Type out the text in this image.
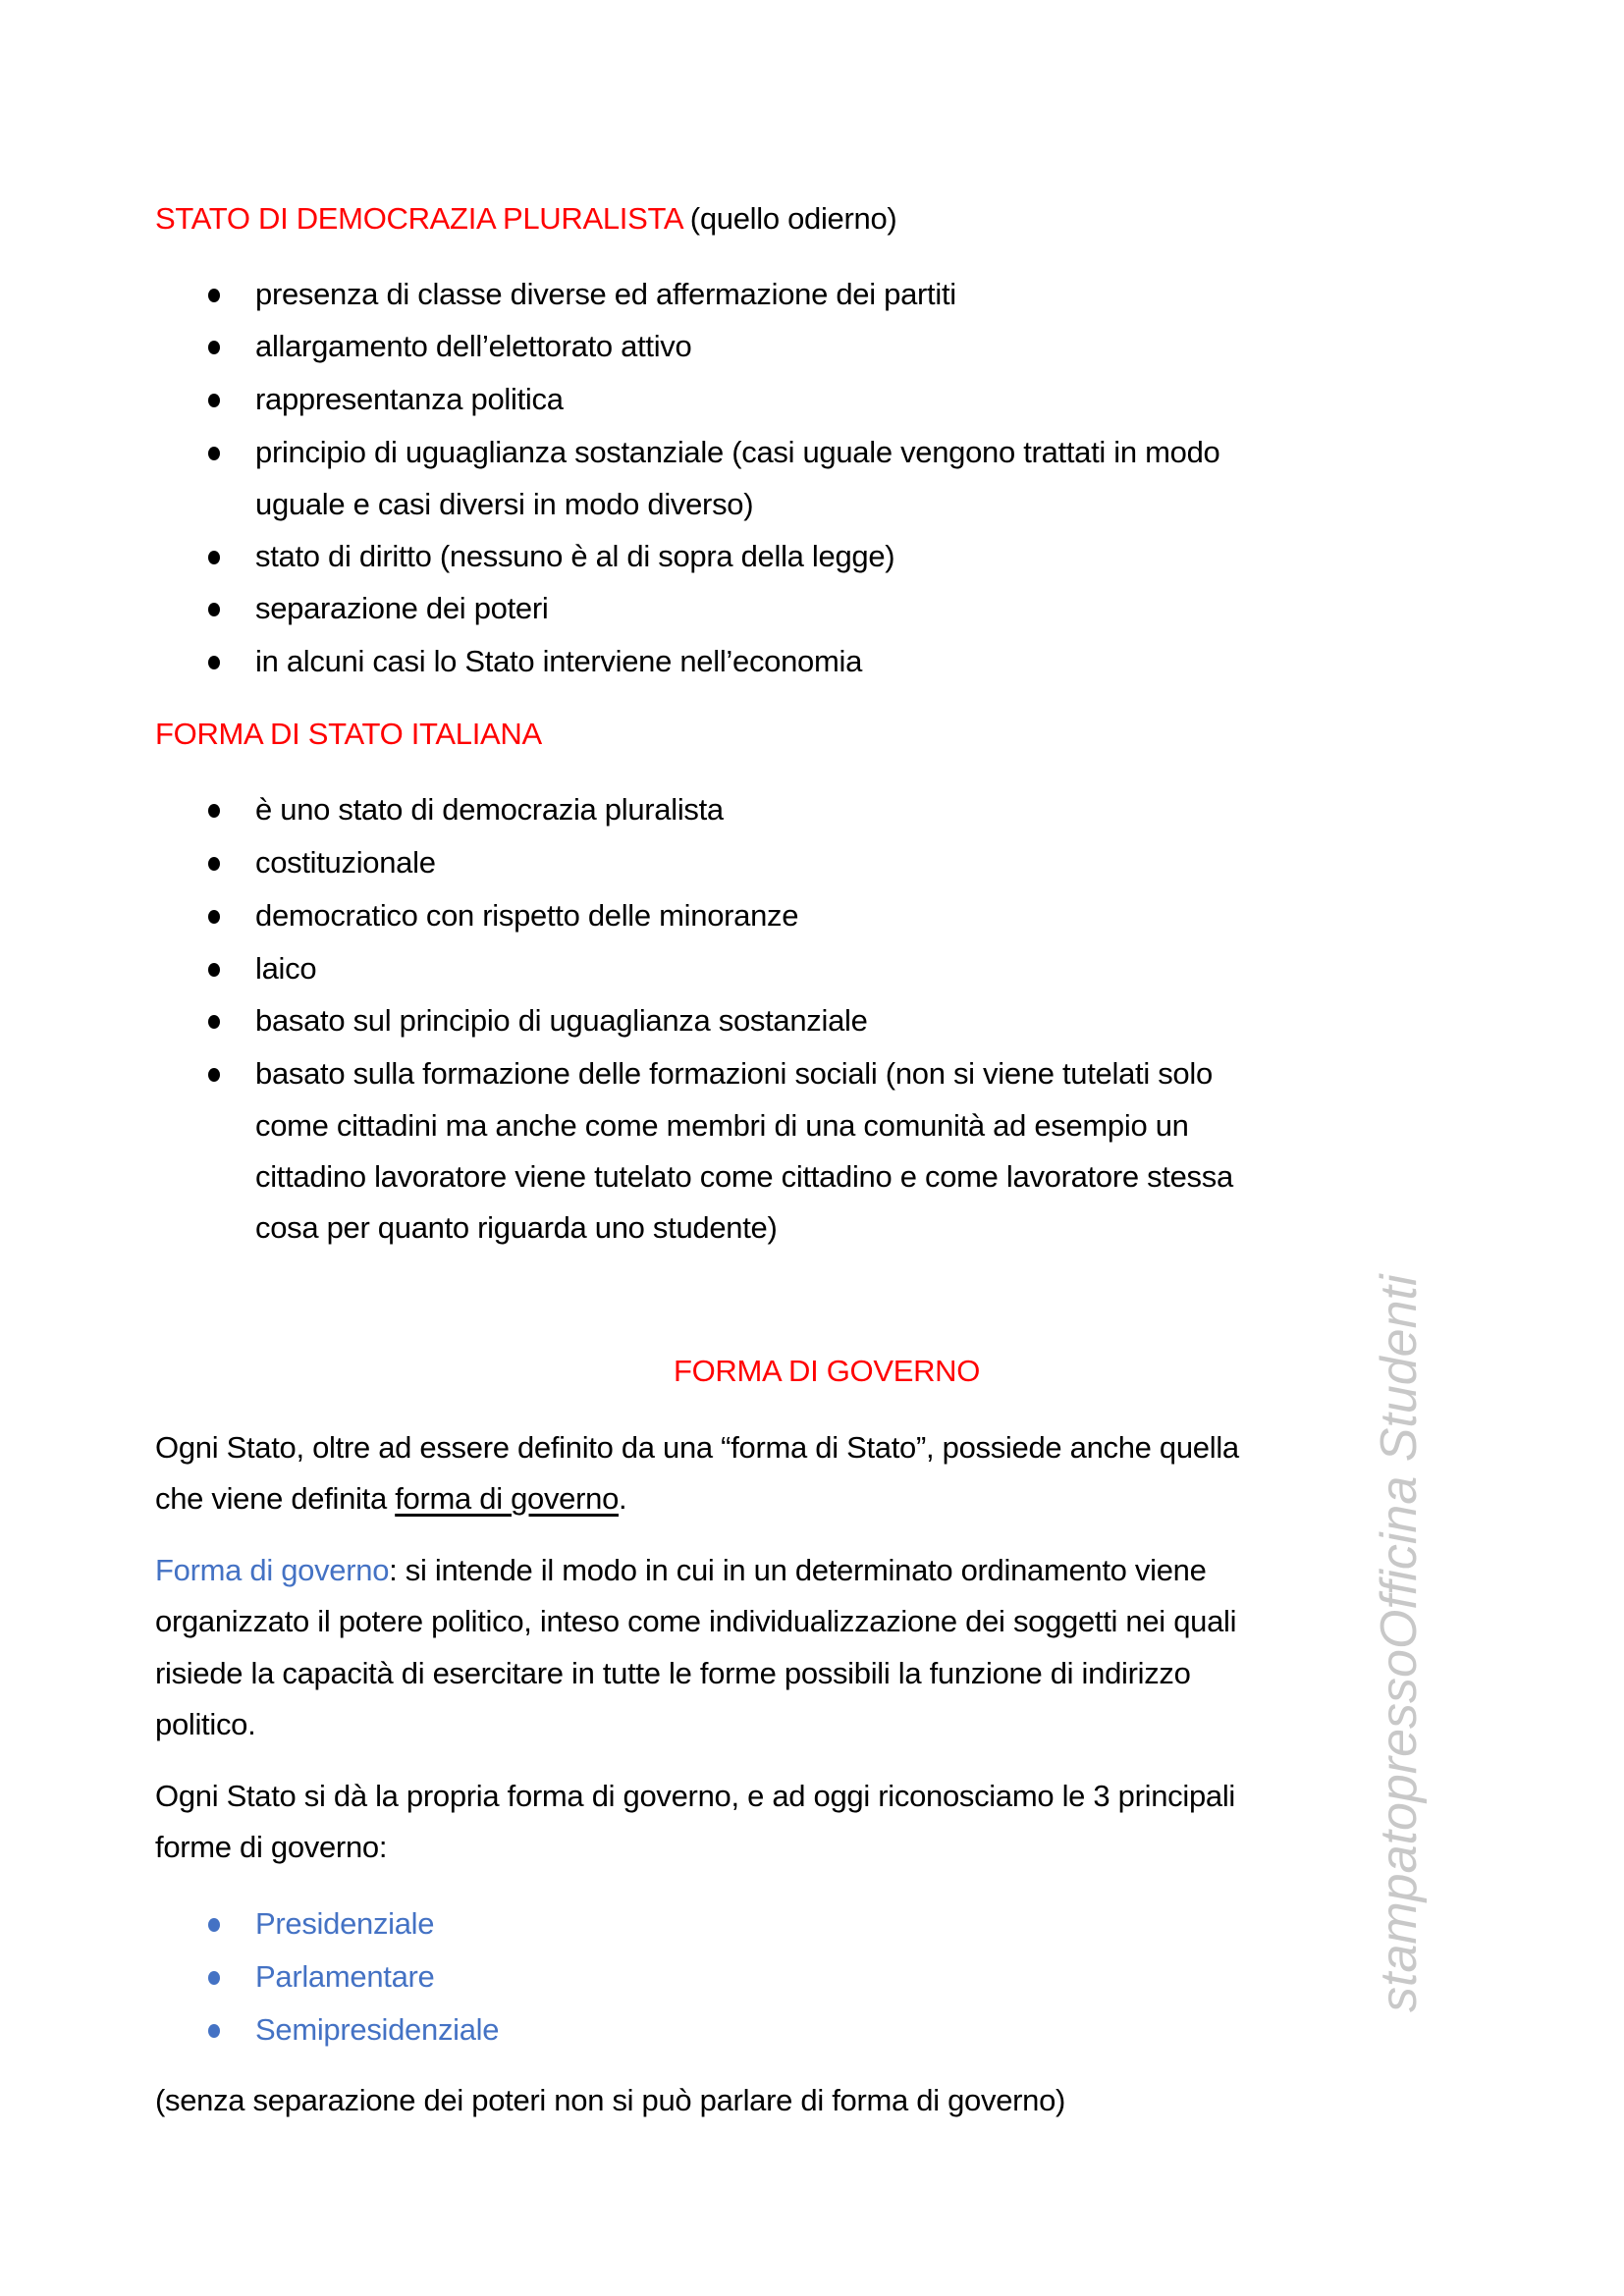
STATO DI DEMOCRAZIA PLURALISTA (quello odierno)
presenza di classe diverse ed affermazione dei partiti
allargamento dell’elettorato attivo
rappresentanza politica
principio di uguaglianza sostanziale (casi uguale vengono trattati in modo
uguale e casi diversi in modo diverso)
stato di diritto (nessuno è al di sopra della legge)
separazione dei poteri
in alcuni casi lo Stato interviene nell’economia
FORMA DI STATO ITALIANA
è uno stato di democrazia pluralista
costituzionale
democratico con rispetto delle minoranze
laico
basato sul principio di uguaglianza sostanziale
basato sulla formazione delle formazioni sociali (non si viene tutelati solo
come cittadini ma anche come membri di una comunità ad esempio un
cittadino lavoratore viene tutelato come cittadino e come lavoratore stessa
cosa per quanto riguarda uno studente)
FORMA DI GOVERNO
Ogni Stato, oltre ad essere definito da una “forma di Stato”, possiede anche quella
che viene definita forma di governo.
Forma di governo: si intende il modo in cui in un determinato ordinamento viene
organizzato il potere politico, inteso come individualizzazione dei soggetti nei quali
risiede la capacità di esercitare in tutte le forme possibili la funzione di indirizzo
politico.
Ogni Stato si dà la propria forma di governo, e ad oggi riconosciamo le 3 principali
forme di governo:
Presidenziale
Parlamentare
Semipresidenziale
(senza separazione dei poteri non si può parlare di forma di governo)
stampatopressoOfficina Studenti
